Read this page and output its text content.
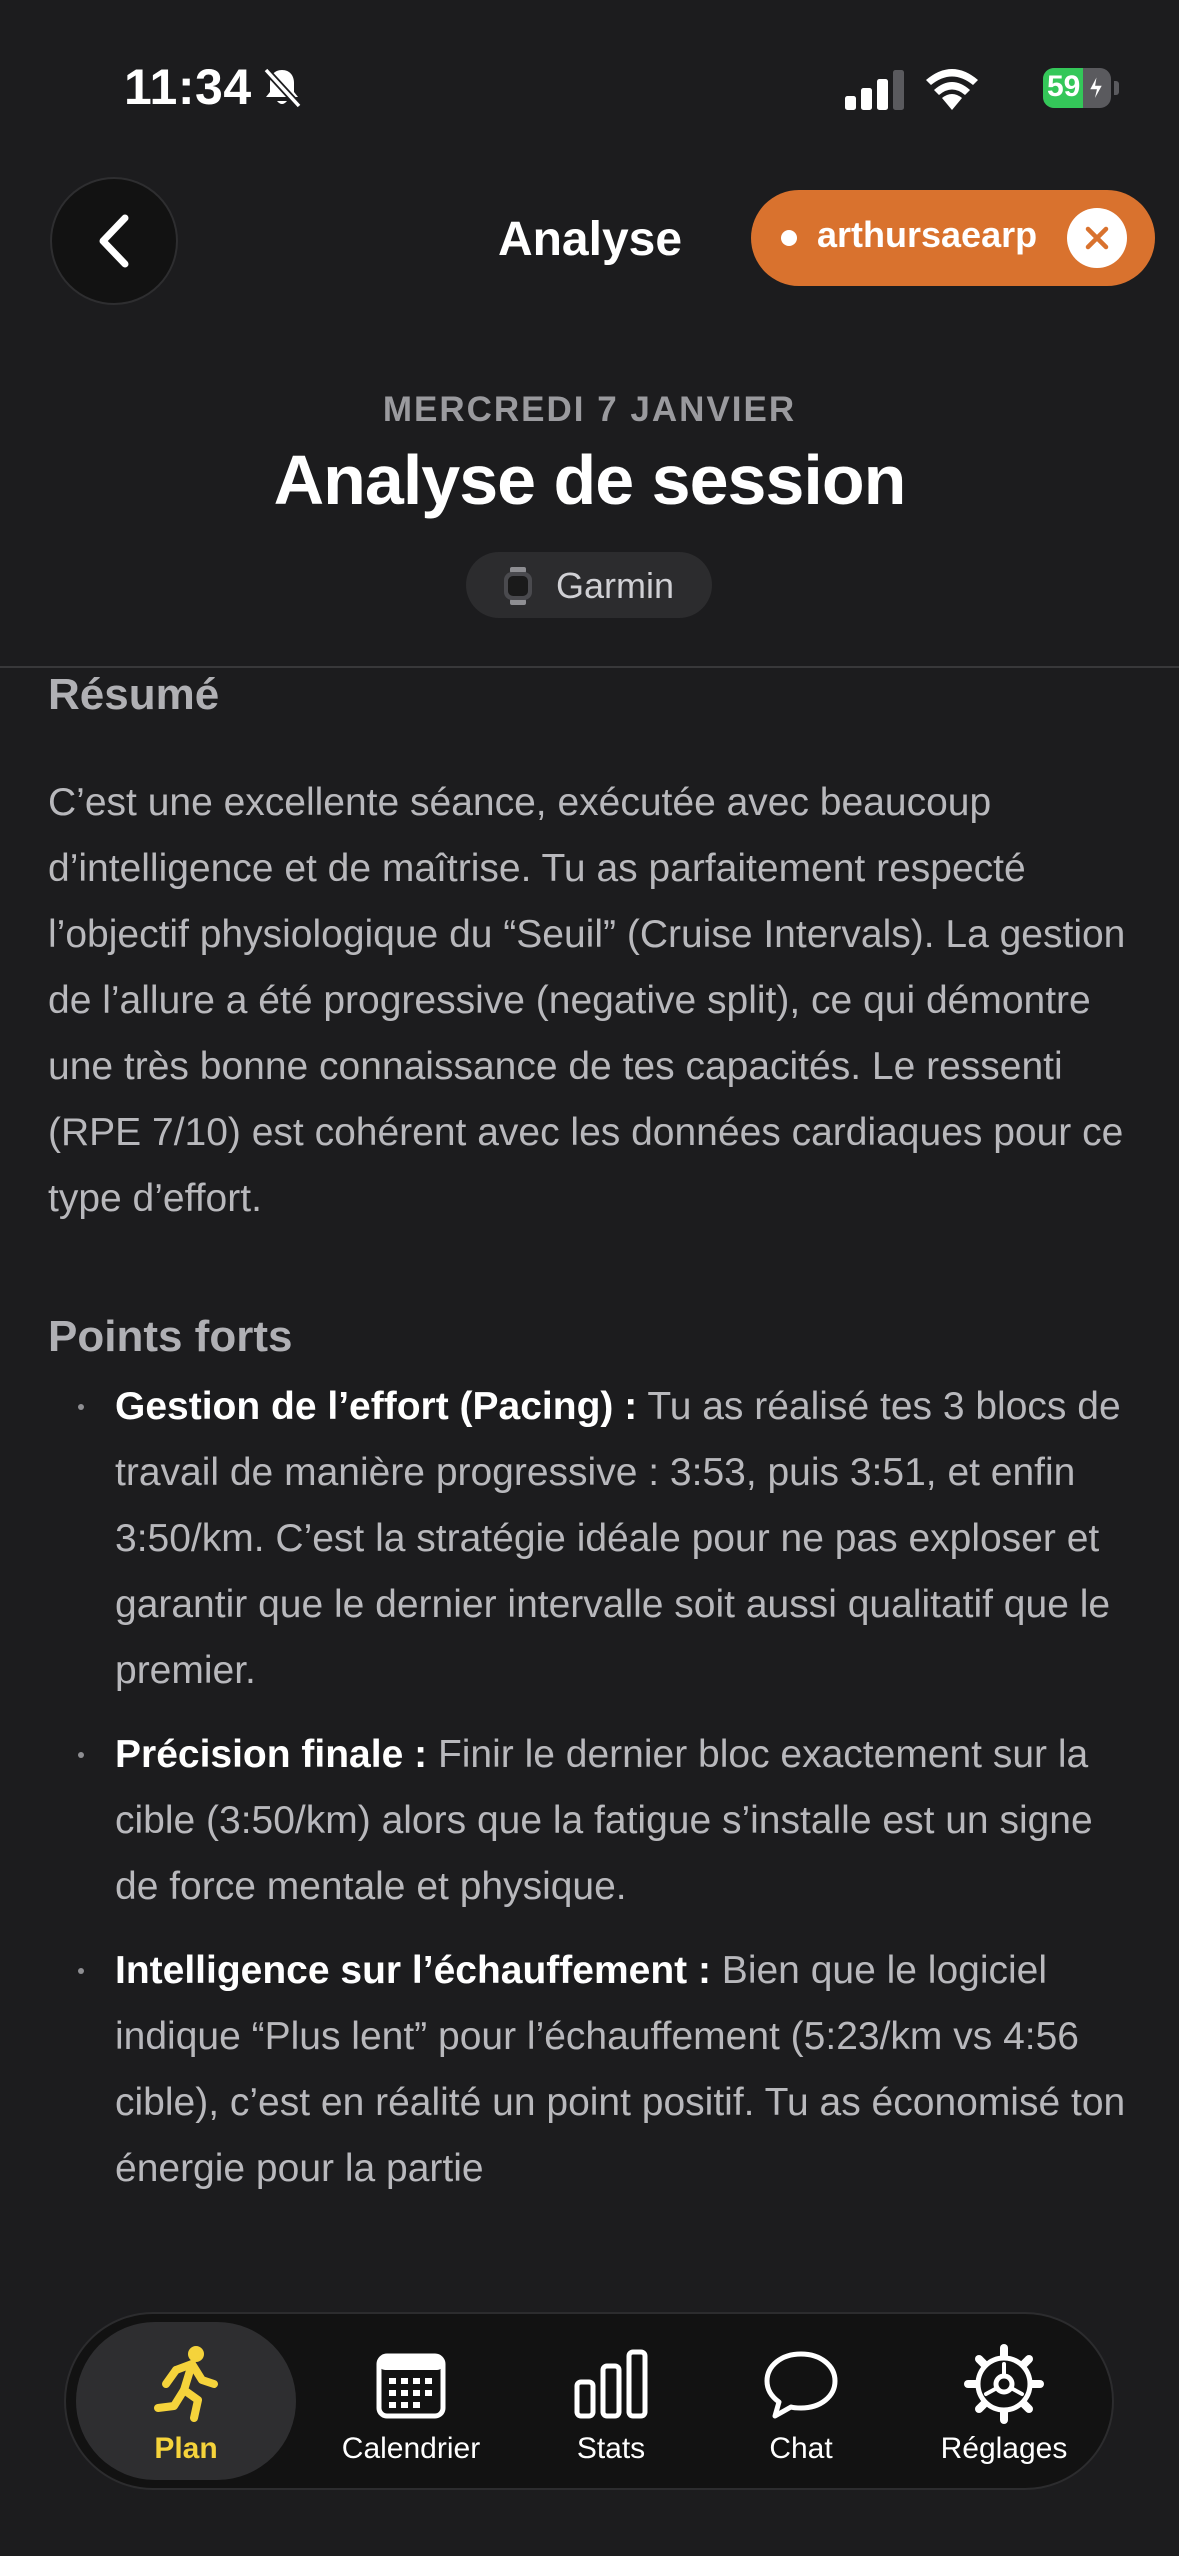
11:34	59
Analyse	arthursaearp
MERCREDI 7 JANVIER
Analyse de session
Garmin
Résumé

C’est une excellente séance, exécutée avec beaucoup d’intelligence et de maîtrise. Tu as parfaitement respecté l’objectif physiologique du “Seuil” (Cruise Intervals). La gestion de l’allure a été progressive (negative split), ce qui démontre une très bonne connaissance de tes capacités. Le ressenti (RPE 7/10) est cohérent avec les données cardiaques pour ce type d’effort.

Points forts
Gestion de l’effort (Pacing) : Tu as réalisé tes 3 blocs de travail de manière progressive : 3:53, puis 3:51, et enfin 3:50/km. C’est la stratégie idéale pour ne pas exploser et garantir que le dernier intervalle soit aussi qualitatif que le premier.
Précision finale : Finir le dernier bloc exactement sur la cible (3:50/km) alors que la fatigue s’installe est un signe de force mentale et physique.
Intelligence sur l’échauffement : Bien que le logiciel indique “Plus lent” pour l’échauffement (5:23/km vs 4:56 cible), c’est en réalité un point positif. Tu as économisé ton énergie pour la partie
Plan	Calendrier	Stats	Chat	Réglages
